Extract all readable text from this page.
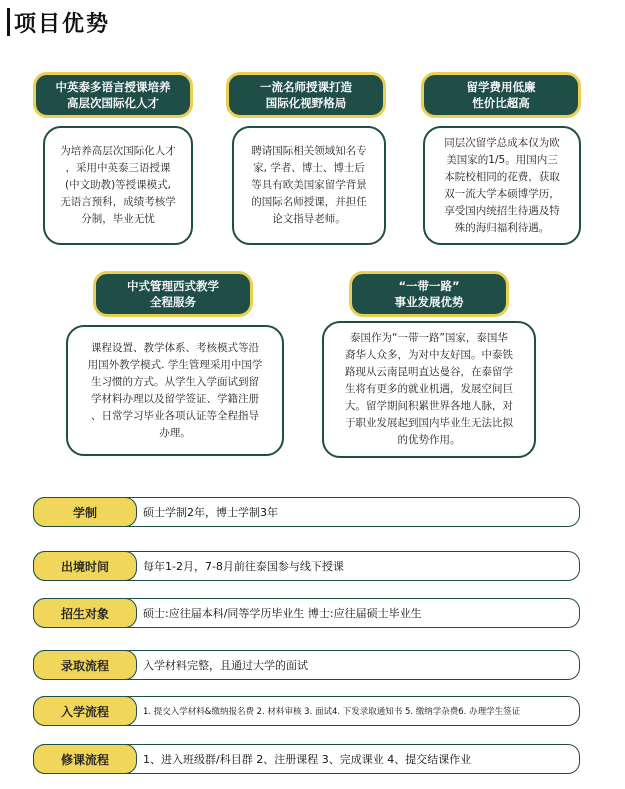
项目优势
中英泰多语言授课培养
高层次国际化人才
为培养高层次国际化人才
，采用中英泰三语授课
(中文助教)等授课模式,
无语言预科，成绩考核学
分制，毕业无忧
一流名师授课打造
国际化视野格局
聘请国际相关领域知名专
家, 学者、博士、博士后
等具有欧美国家留学背景
的国际名师授课，并担任
论文指导老师。
留学费用低廉
性价比超高
同层次留学总成本仅为欧
美国家的1/5。用国内三
本院校相同的花费，获取
双一流大学本硕博学历，
享受国内统招生待遇及特
殊的海归福利待遇。
中式管理西式教学
全程服务
课程设置、教学体系、考核模式等沿
用国外教学模式. 学生管理采用中国学
生习惯的方式。从学生入学面试到留
学材料办理以及留学签证、学籍注册
、日常学习毕业各项认证等全程指导
办理。
“一带一路”
事业发展优势
泰国作为“一带一路”国家，泰国华
裔华人众多，为对中友好国。中泰铁
路现从云南昆明直达曼谷，在泰留学
生将有更多的就业机遇，发展空间巨
大。留学期间积累世界各地人脉，对
于职业发展起到国内毕业生无法比拟
的优势作用。
学制	硕士学制2年，博士学制3年
出境时间	每年1-2月，7-8月前往泰国参与线下授课
招生对象	硕士:应往届本科/同等学历毕业生 博士:应往届硕士毕业生
录取流程	入学材料完整，且通过大学的面试
入学流程	1. 提交入学材料&缴纳报名费 2. 材料审核 3. 面试4. 下发录取通知书 5. 缴纳学杂费6. 办理学生签证
修课流程	1、进入班级群/科目群 2、注册课程 3、完成课业 4、提交结课作业
